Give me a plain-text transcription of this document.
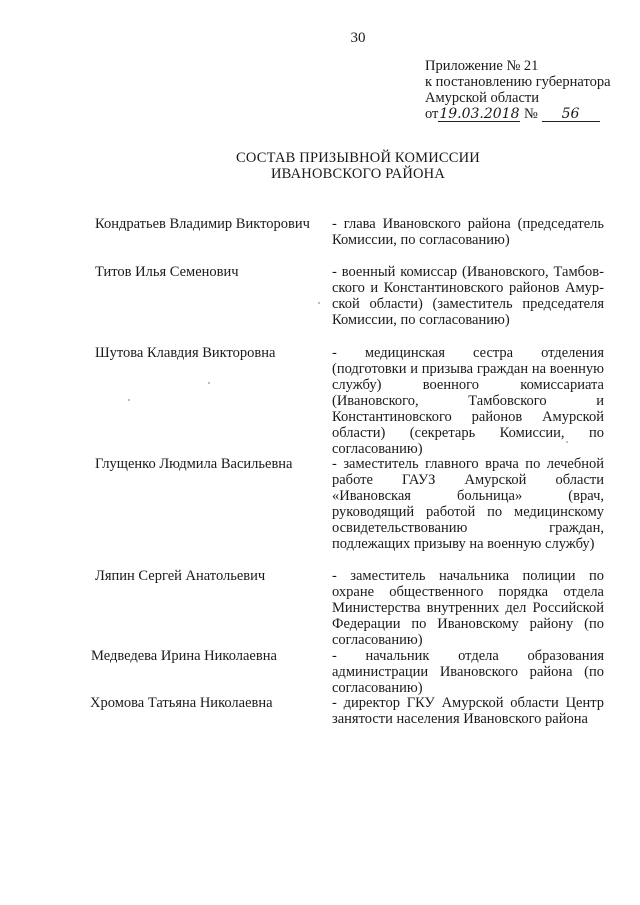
30
Приложение № 21
к постановлению губернатора
Амурской области
от19.03.2018 № 56
СОСТАВ ПРИЗЫВНОЙ КОМИССИИ
ИВАНОВСКОГО РАЙОНА
Кондратьев Владимир Викторович - глава Ивановского района (председатель Комиссии, по согласованию)
Титов Илья Семенович	- военный комиссар (Ивановского, Тамбовского и Константиновского районов Амурской области) (заместитель председателя Комиссии, по согласованию)
Шутова Клавдия Викторовна	- медицинская сестра отделения (подготовки и призыва граждан на военную службу) военного комиссариата (Ивановского, Тамбовского и Константиновского районов Амурской области) (секретарь Комиссии, по согласованию)
Глущенко Людмила Васильевна	- заместитель главного врача по лечебной работе ГАУЗ Амурской области «Ивановская больница» (врач, руководящий работой по медицинскому освидетельствованию граждан, подлежащих призыву на военную службу)
Ляпин Сергей Анатольевич	- заместитель начальника полиции по охране общественного порядка отдела Министерства внутренних дел Российской Федерации по Ивановскому району (по согласованию)
Медведева Ирина Николаевна	- начальник отдела образования администрации Ивановского района (по согласованию)
Хромова Татьяна Николаевна	- директор ГКУ Амурской области Центр занятости населения Ивановского района
